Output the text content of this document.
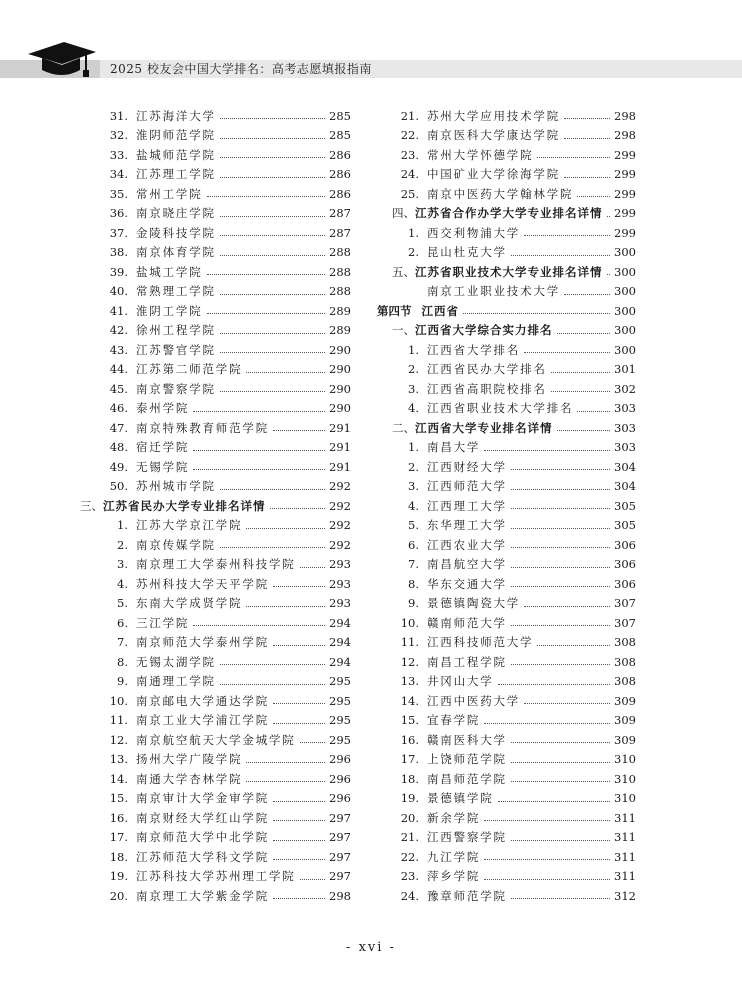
2025 校友会中国大学排名：高考志愿填报指南
31. 江苏海洋大学	285
32. 淮阴师范学院	285
33. 盐城师范学院	286
34. 江苏理工学院	286
35. 常州工学院	286
36. 南京晓庄学院	287
37. 金陵科技学院	287
38. 南京体育学院	288
39. 盐城工学院	288
40. 常熟理工学院	288
41. 淮阴工学院	289
42. 徐州工程学院	289
43. 江苏警官学院	290
44. 江苏第二师范学院	290
45. 南京警察学院	290
46. 泰州学院	290
47. 南京特殊教育师范学院	291
48. 宿迁学院	291
49. 无锡学院	291
50. 苏州城市学院	292
三、 江苏省民办大学专业排名详情	292
1. 江苏大学京江学院	292
2. 南京传媒学院	292
3. 南京理工大学泰州科技学院	293
4. 苏州科技大学天平学院	293
5. 东南大学成贤学院	293
6. 三江学院	294
7. 南京师范大学泰州学院	294
8. 无锡太湖学院	294
9. 南通理工学院	295
10. 南京邮电大学通达学院	295
11. 南京工业大学浦江学院	295
12. 南京航空航天大学金城学院	295
13. 扬州大学广陵学院	296
14. 南通大学杏林学院	296
15. 南京审计大学金审学院	296
16. 南京财经大学红山学院	297
17. 南京师范大学中北学院	297
18. 江苏师范大学科文学院	297
19. 江苏科技大学苏州理工学院	297
20. 南京理工大学紫金学院	298
21. 苏州大学应用技术学院	298
22. 南京医科大学康达学院	298
23. 常州大学怀德学院	299
24. 中国矿业大学徐海学院	299
25. 南京中医药大学翰林学院	299
四、 江苏省合作办学大学专业排名详情 299
1. 西交利物浦大学	299
2. 昆山杜克大学	300
五、 江苏省职业技术大学专业排名详情 300
南京工业职业技术大学	300
第四节 江西省	300
一、 江西省大学综合实力排名	300
1. 江西省大学排名	300
2. 江西省民办大学排名	301
3. 江西省高职院校排名	302
4. 江西省职业技术大学排名	303
二、 江西省大学专业排名详情	303
1. 南昌大学	303
2. 江西财经大学	304
3. 江西师范大学	304
4. 江西理工大学	305
5. 东华理工大学	305
6. 江西农业大学	306
7. 南昌航空大学	306
8. 华东交通大学	306
9. 景德镇陶瓷大学	307
10. 赣南师范大学	307
11. 江西科技师范大学	308
12. 南昌工程学院	308
13. 井冈山大学	308
14. 江西中医药大学	309
15. 宜春学院	309
16. 赣南医科大学	309
17. 上饶师范学院	310
18. 南昌师范学院	310
19. 景德镇学院	310
20. 新余学院	311
21. 江西警察学院	311
22. 九江学院	311
23. 萍乡学院	311
24. 豫章师范学院	312
- xvi -
